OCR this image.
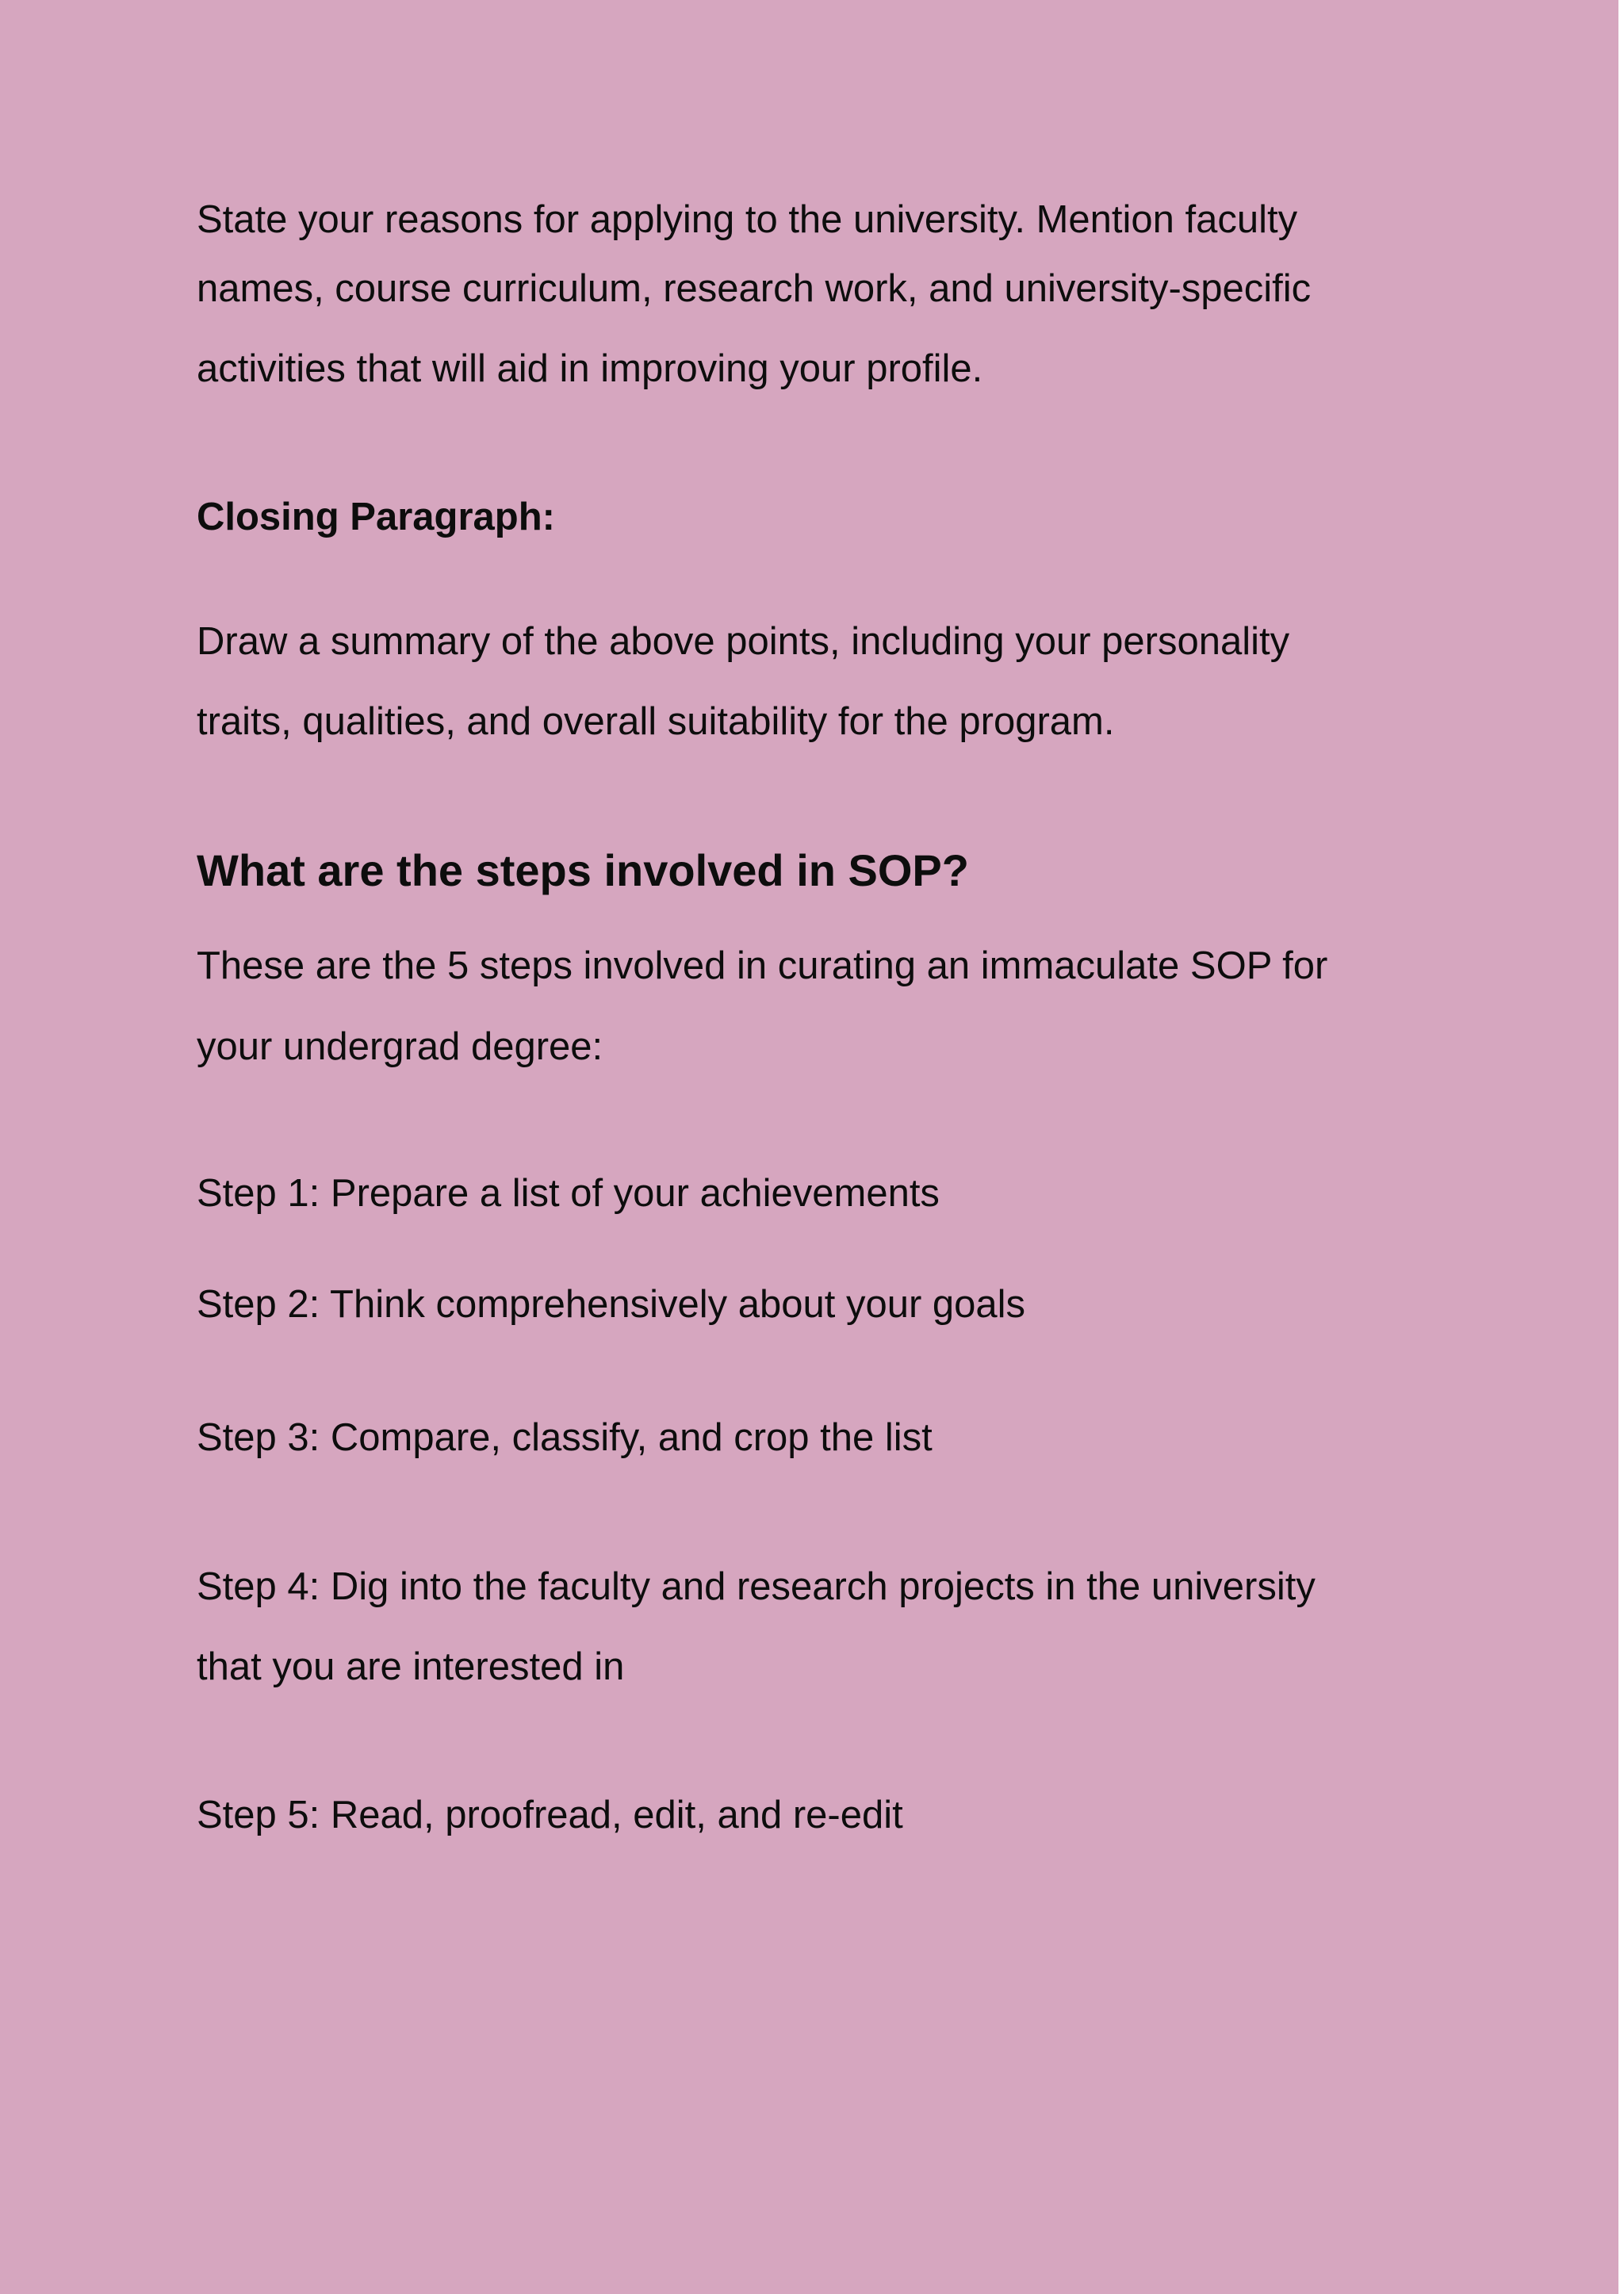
State your reasons for applying to the university. Mention faculty

names, course curriculum, research work, and university-specific

activities that will aid in improving your profile.

Closing Paragraph:

Draw a summary of the above points, including your personality

traits, qualities, and overall suitability for the program.

What are the steps involved in SOP?

These are the 5 steps involved in curating an immaculate SOP for

your undergrad degree:

Step 1: Prepare a list of your achievements

Step 2: Think comprehensively about your goals

Step 3: Compare, classify, and crop the list

Step 4: Dig into the faculty and research projects in the university

that you are interested in

Step 5: Read, proofread, edit, and re-edit
